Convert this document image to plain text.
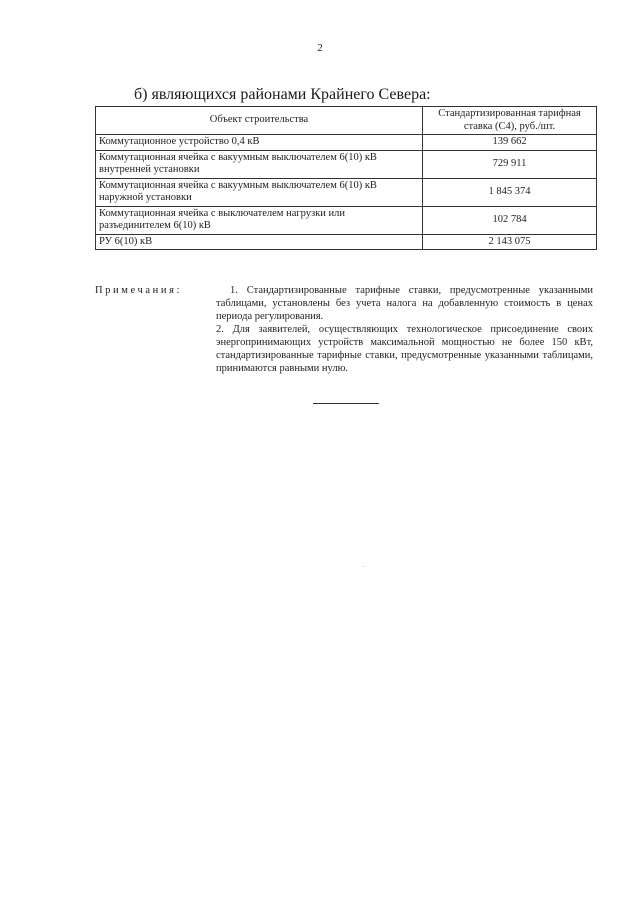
2
б) являющихся районами Крайнего Севера:
Объект строительства	Стандартизированная тарифная ставка (С4), руб./шт.
Коммутационное устройство 0,4 кВ	139 662
Коммутационная ячейка с вакуумным выключателем 6(10) кВ внутренней установки	729 911
Коммутационная ячейка с вакуумным выключателем 6(10) кВ наружной установки	1 845 374
Коммутационная ячейка с выключателем нагрузки или разъединителем 6(10) кВ	102 784
РУ 6(10) кВ	2 143 075
Примечания:	1. Стандартизированные тарифные ставки, предусмотренные указанными таблицами, установлены без учета налога на добавленную стоимость в ценах периода регулирования.

2. Для заявителей, осуществляющих технологическое присоединение своих энергопринимающих устройств максимальной мощностью не более 150 кВт, стандартизированные тарифные ставки, предусмотренные указанными таблицами, принимаются равными нулю.
